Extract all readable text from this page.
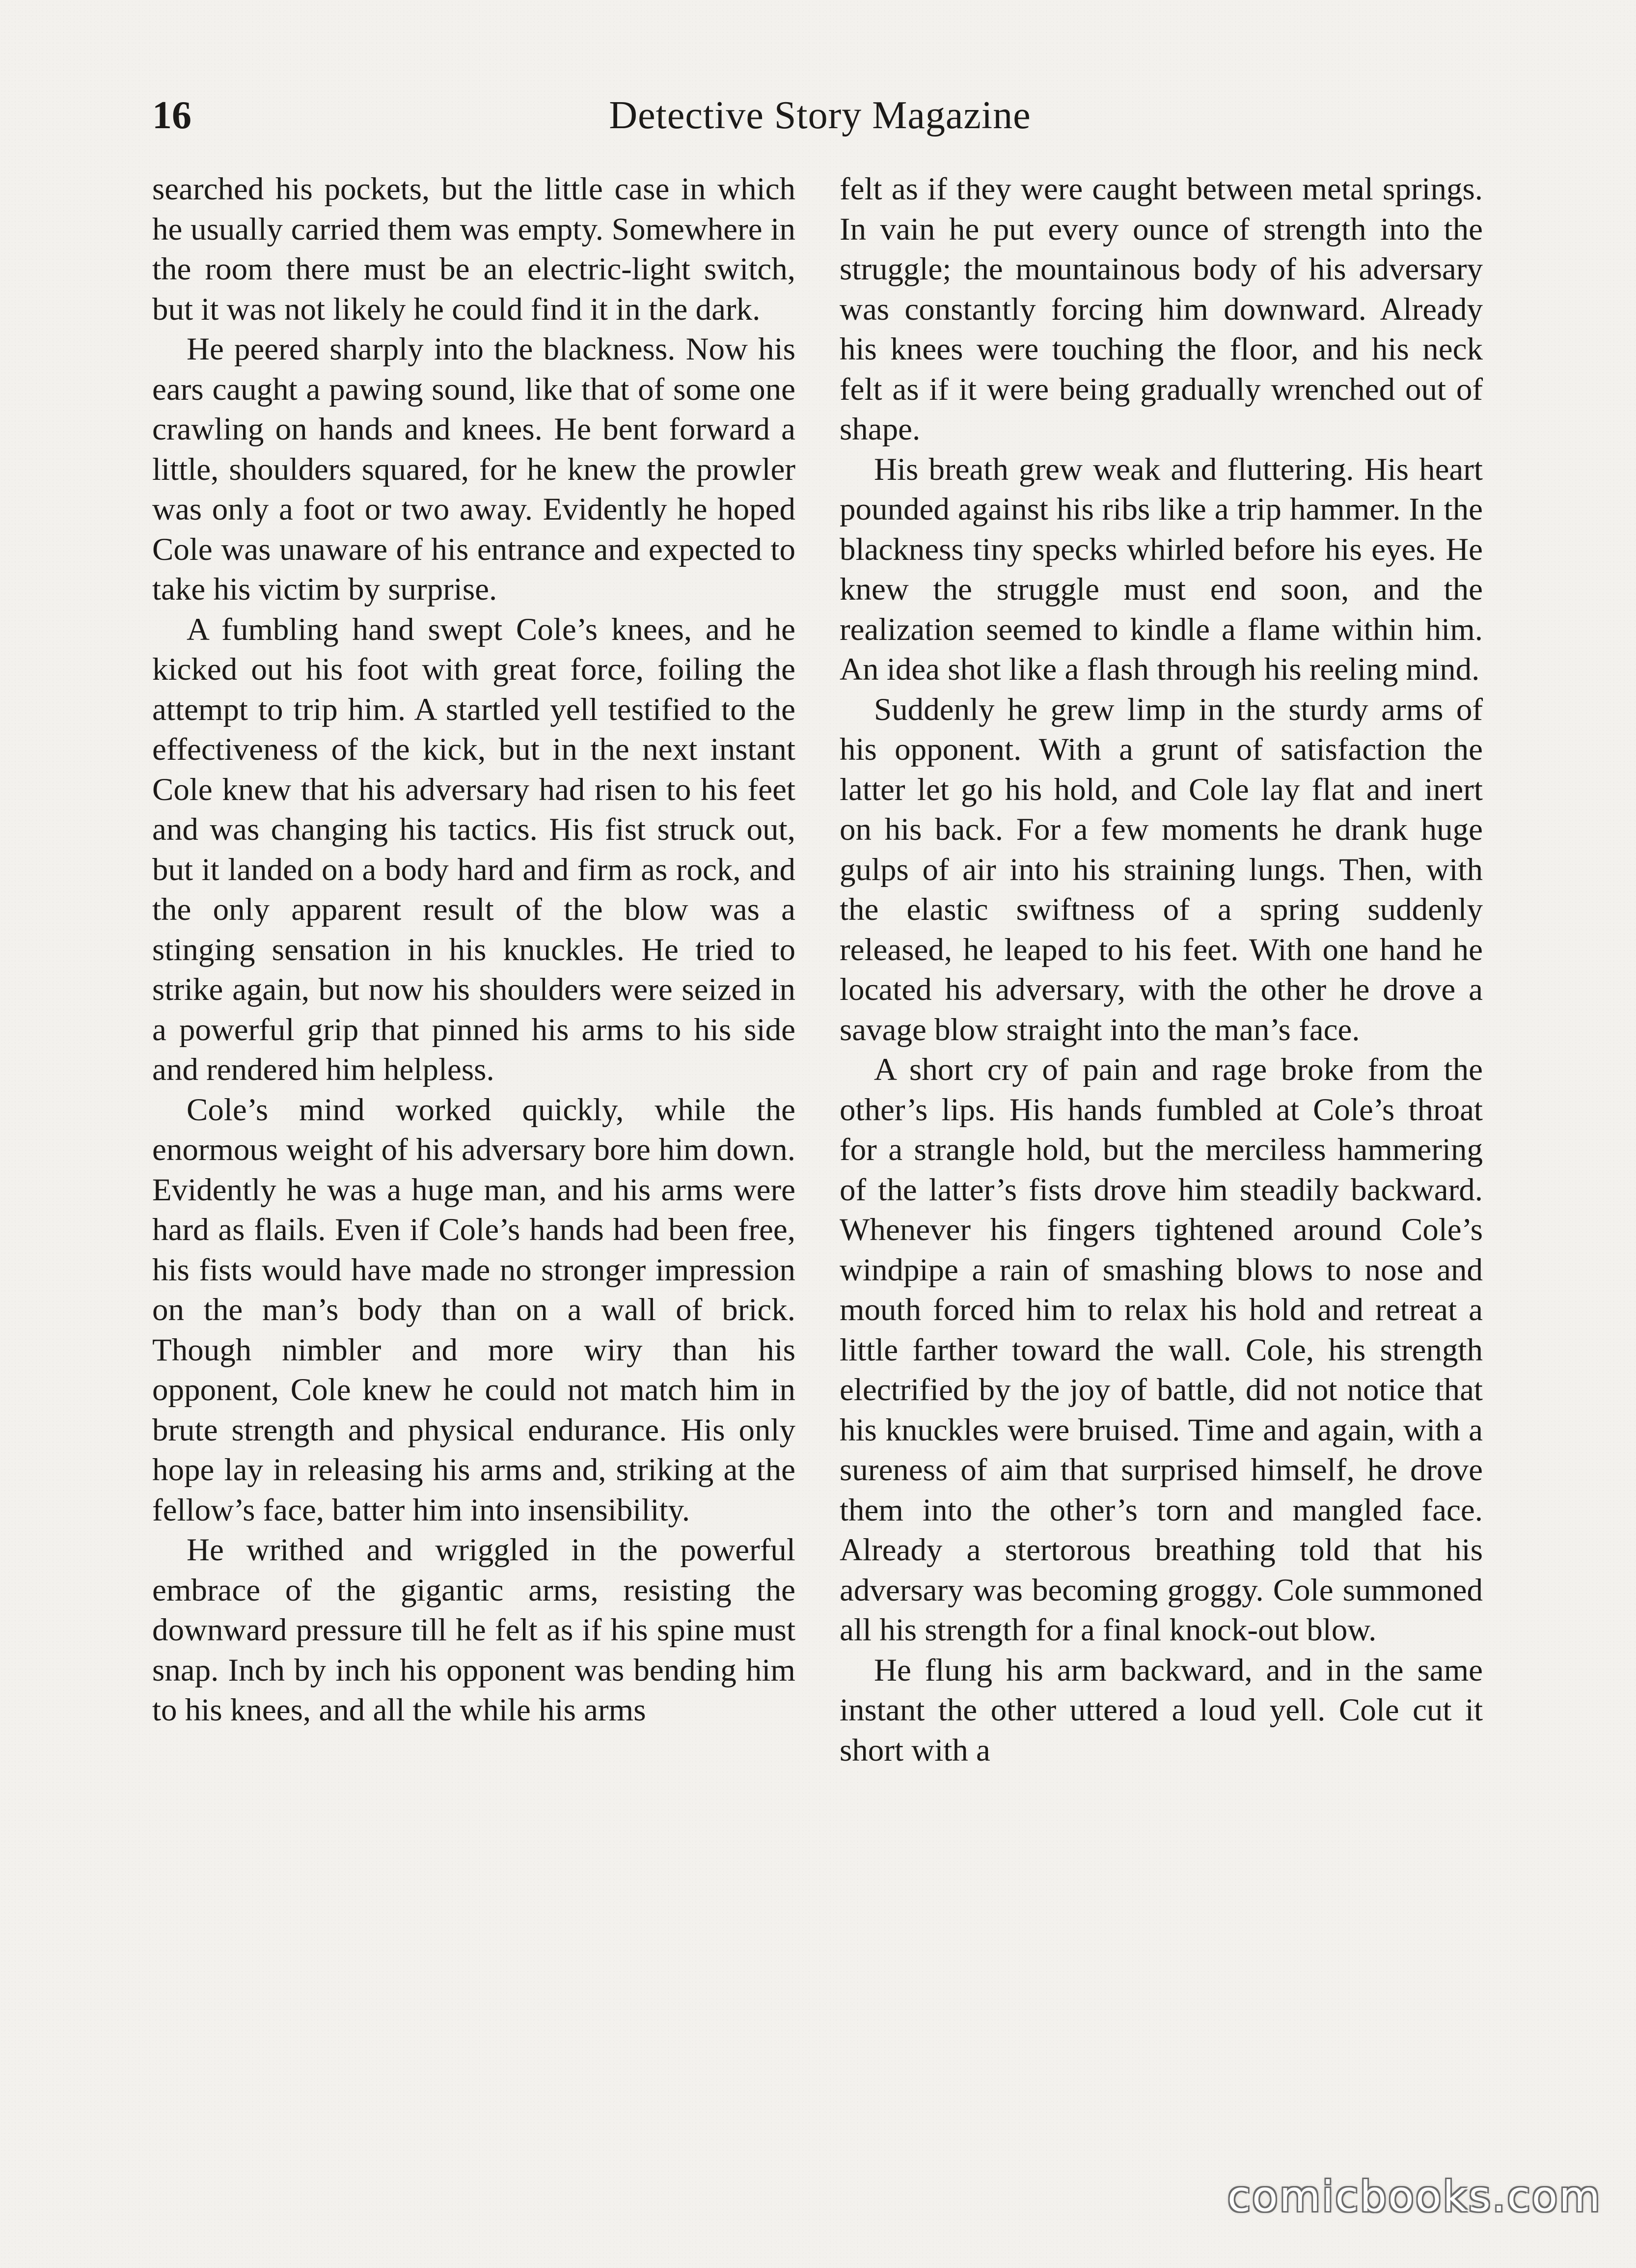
16	Detective Story Magazine

searched his pockets, but the little case in which he usually carried them was empty. Somewhere in the room there must be an electric-light switch, but it was not likely he could find it in the dark.

He peered sharply into the blackness. Now his ears caught a pawing sound, like that of some one crawling on hands and knees. He bent forward a little, shoulders squared, for he knew the prowler was only a foot or two away. Evidently he hoped Cole was unaware of his entrance and expected to take his victim by surprise.

A fumbling hand swept Cole’s knees, and he kicked out his foot with great force, foiling the attempt to trip him. A startled yell testified to the effectiveness of the kick, but in the next instant Cole knew that his adversary had risen to his feet and was changing his tactics. His fist struck out, but it landed on a body hard and firm as rock, and the only apparent result of the blow was a stinging sensation in his knuckles. He tried to strike again, but now his shoulders were seized in a powerful grip that pinned his arms to his side and rendered him helpless.

Cole’s mind worked quickly, while the enormous weight of his adversary bore him down. Evidently he was a huge man, and his arms were hard as flails. Even if Cole’s hands had been free, his fists would have made no stronger impression on the man’s body than on a wall of brick. Though nimbler and more wiry than his opponent, Cole knew he could not match him in brute strength and physical endurance. His only hope lay in releasing his arms and, striking at the fellow’s face, batter him into insensibility.

He writhed and wriggled in the powerful embrace of the gigantic arms, resisting the downward pressure till he felt as if his spine must snap. Inch by inch his opponent was bending him to his knees, and all the while his arms

felt as if they were caught between metal springs. In vain he put every ounce of strength into the struggle; the mountainous body of his adversary was constantly forcing him downward. Already his knees were touching the floor, and his neck felt as if it were being gradually wrenched out of shape.

His breath grew weak and fluttering. His heart pounded against his ribs like a trip hammer. In the blackness tiny specks whirled before his eyes. He knew the struggle must end soon, and the realization seemed to kindle a flame within him. An idea shot like a flash through his reeling mind.

Suddenly he grew limp in the sturdy arms of his opponent. With a grunt of satisfaction the latter let go his hold, and Cole lay flat and inert on his back. For a few moments he drank huge gulps of air into his straining lungs. Then, with the elastic swiftness of a spring suddenly released, he leaped to his feet. With one hand he located his adversary, with the other he drove a savage blow straight into the man’s face.

A short cry of pain and rage broke from the other’s lips. His hands fumbled at Cole’s throat for a strangle hold, but the merciless hammering of the latter’s fists drove him steadily backward. Whenever his fingers tightened around Cole’s windpipe a rain of smashing blows to nose and mouth forced him to relax his hold and retreat a little farther toward the wall. Cole, his strength electrified by the joy of battle, did not notice that his knuckles were bruised. Time and again, with a sureness of aim that surprised himself, he drove them into the other’s torn and mangled face. Already a stertorous breathing told that his adversary was becoming groggy. Cole summoned all his strength for a final knock-out blow.

He flung his arm backward, and in the same instant the other uttered a loud yell. Cole cut it short with a

comicbooks.com
